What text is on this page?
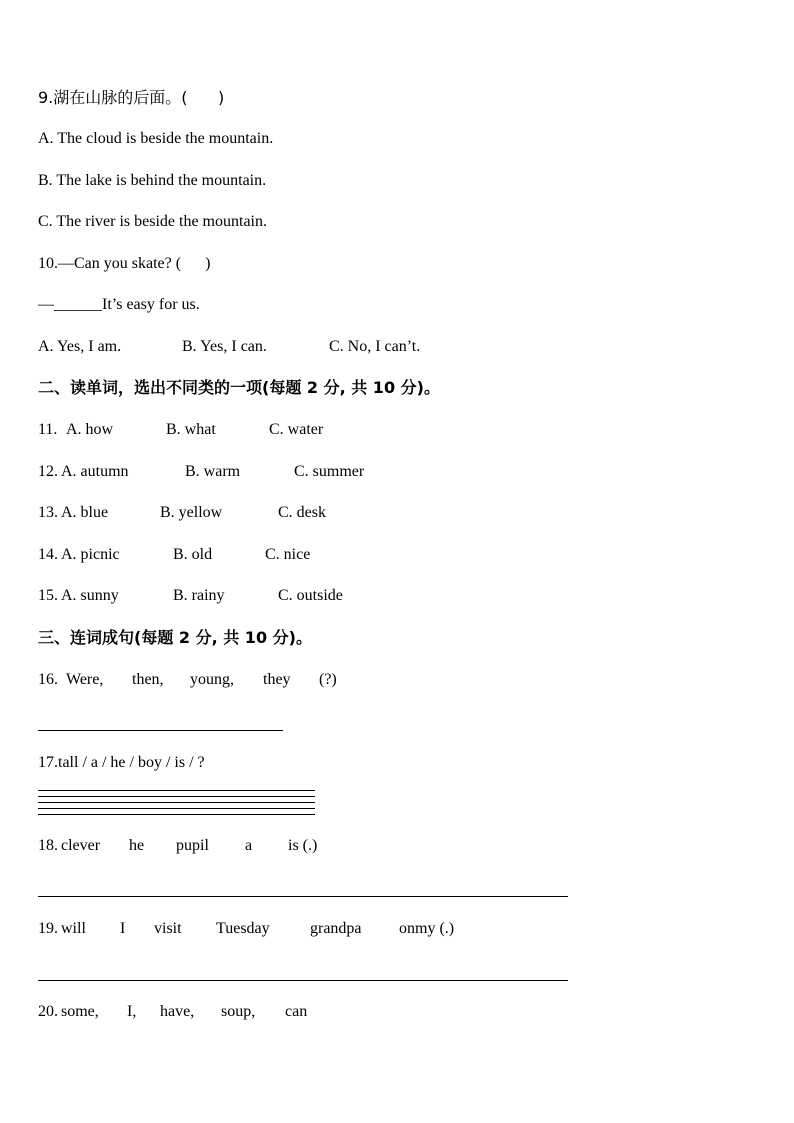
9.湖在山脉的后面。(      )
A. The cloud is beside the mountain.
B. The lake is behind the mountain.
C. The river is beside the mountain.
10.—Can you skate? (      )
—______It’s easy for us.
A. Yes, I am.	B. Yes, I can.	C. No, I can’t.
二、读单词，选出不同类的一项(每题 2 分, 共 10 分)。
11.A. how	B. what	C. water
12. A. autumn	B. warm	C. summer
13. A. blue	B. yellow	C. desk
14. A. picnic	B. old	C. nice
15. A. sunny	B. rainy	C. outside
三、连词成句(每题 2 分, 共 10 分)。
16.Were, then, young, they (?)
17.tall / a / he / boy / is / ?
18. clever he pupil a is (.)
19. will I visit Tuesday	grandpa onmy (.)
20. some, I, have, soup, can
